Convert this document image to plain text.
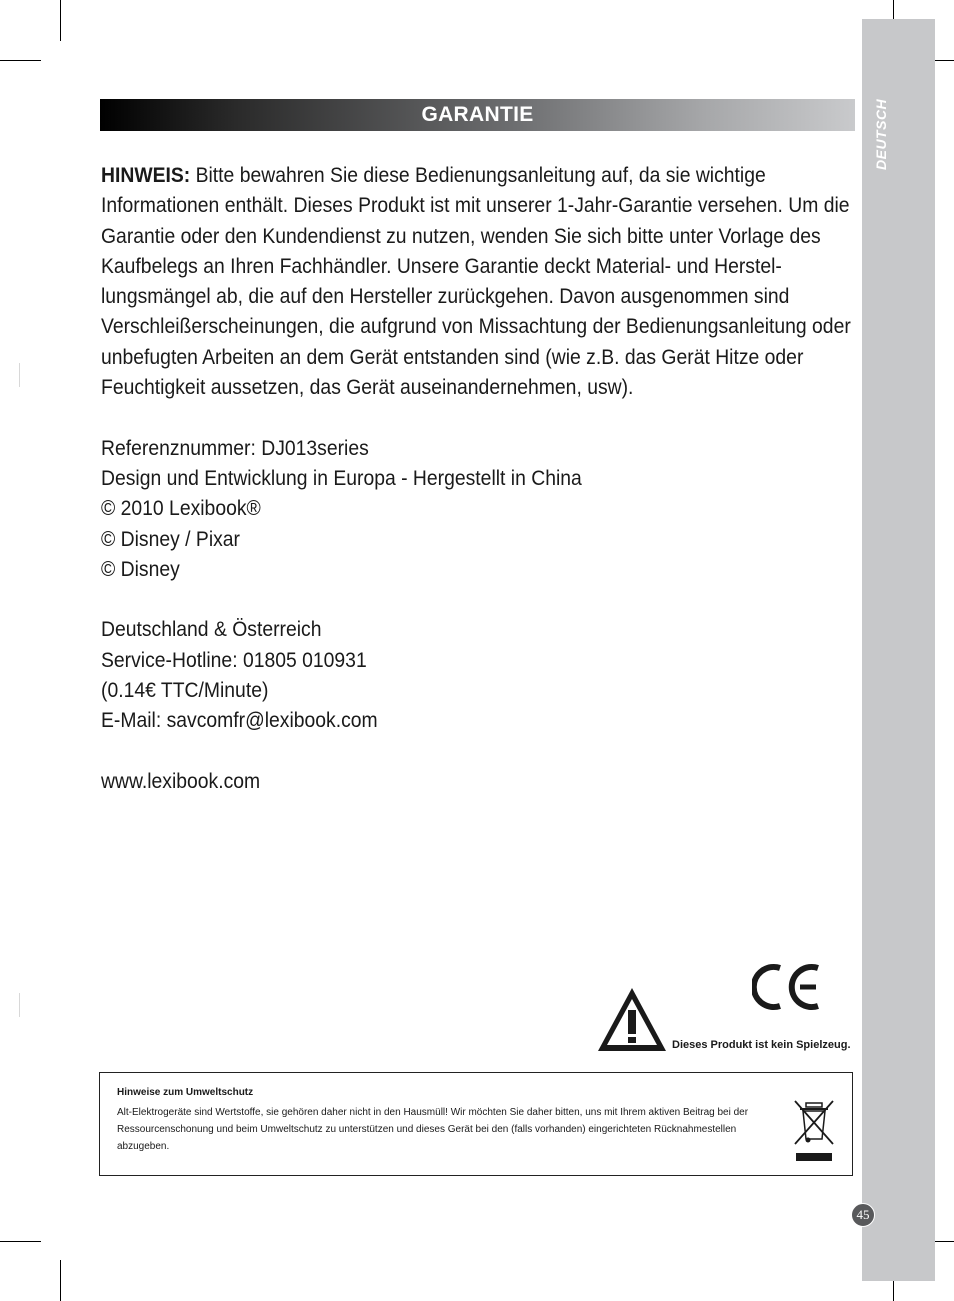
DEUTSCH
GARANTIE

HINWEIS: Bitte bewahren Sie diese Bedienungsanleitung auf, da sie wichtige Informationen enthält. Dieses Produkt ist mit unserer 1-Jahr-Garantie versehen. Um die Garantie oder den Kundendienst zu nutzen, wenden Sie sich bitte unter Vorlage des Kaufbelegs an Ihren Fachhändler. Unsere Garantie deckt Material- und Herstel-lungsmängel ab, die auf den Hersteller zurückgehen. Davon ausgenommen sind Verschleißerscheinungen, die aufgrund von Missachtung der Bedienungsanleitung oder unbefugten Arbeiten an dem Gerät entstanden sind (wie z.B. das Gerät Hitze oder Feuchtigkeit aussetzen, das Gerät auseinandernehmen, usw).

Referenznummer: DJ013series

Design und Entwicklung in Europa - Hergestellt in China

© 2010 Lexibook®

© Disney / Pixar

© Disney

Deutschland & Österreich

Service-Hotline: 01805 010931

(0.14€ TTC/Minute)

E-Mail: savcomfr@lexibook.com

www.lexibook.com

Dieses Produkt ist kein Spielzeug.
Hinweise zum Umweltschutz
Alt-Elektrogeräte sind Wertstoffe, sie gehören daher nicht in den Hausmüll! Wir möchten Sie daher bitten, uns mit Ihrem aktiven Beitrag bei der Ressourcenschonung und beim Umweltschutz zu unterstützen und dieses Gerät bei den (falls vorhanden) eingerichteten Rücknahmestellen abzugeben.
45
